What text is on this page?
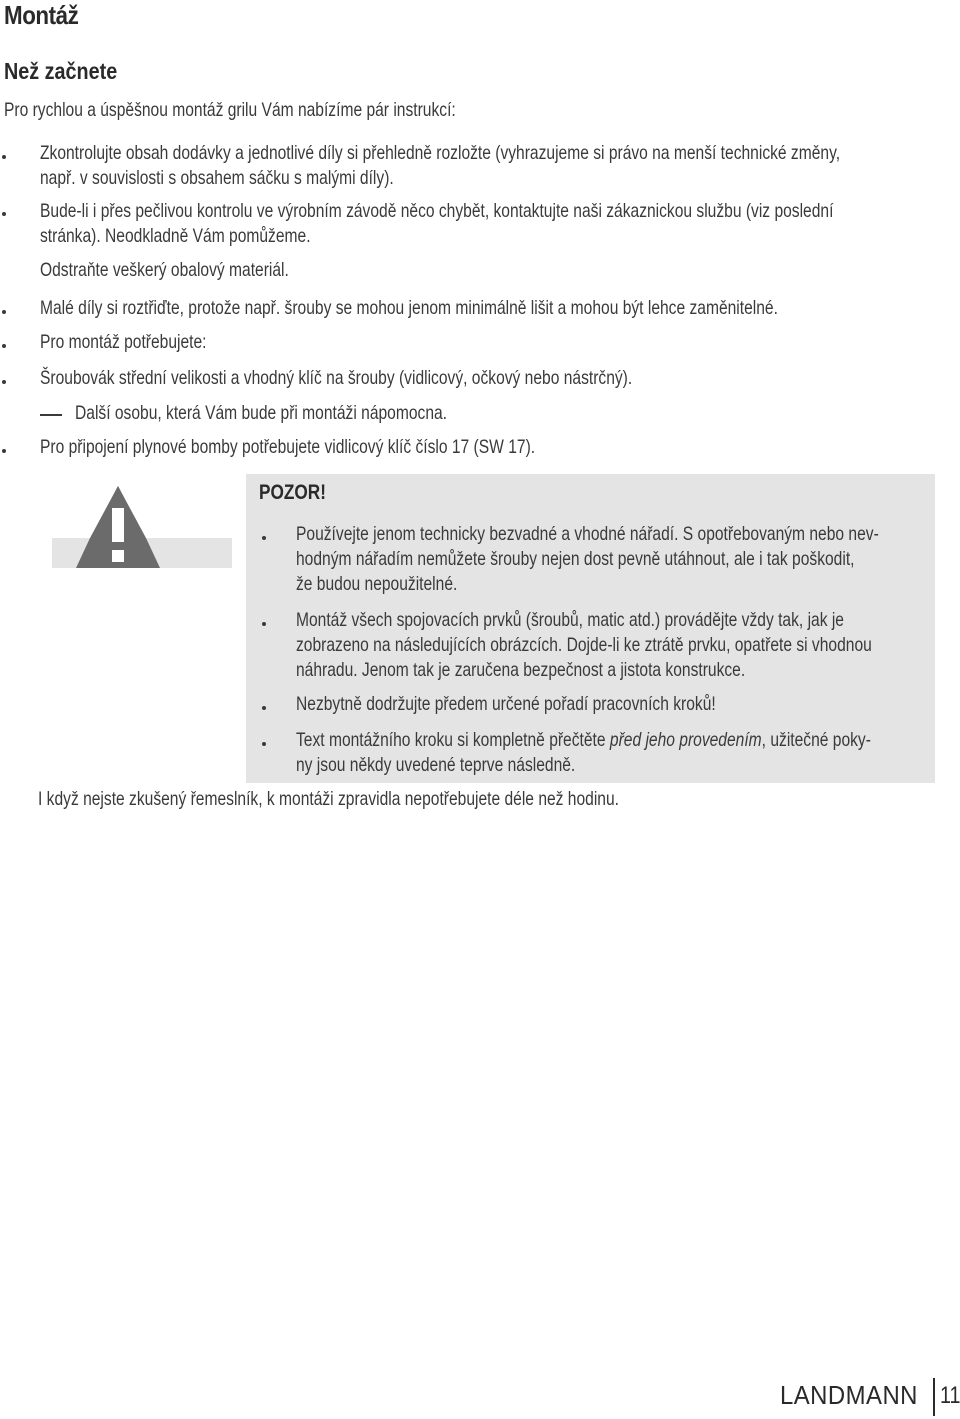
Montáž
Než začnete
Pro rychlou a úspěšnou montáž grilu Vám nabízíme pár instrukcí:
Zkontrolujte obsah dodávky a jednotlivé díly si přehledně rozložte (vyhrazujeme si právo na menší technické změny,
např. v souvislosti s obsahem sáčku s malými díly).
Bude-li i přes pečlivou kontrolu ve výrobním závodě něco chybět, kontaktujte naši zákaznickou službu (viz poslední
stránka). Neodkladně Vám pomůžeme.
Odstraňte veškerý obalový materiál.
Malé díly si roztřiďte, protože např. šrouby se mohou jenom minimálně lišit a mohou být lehce zaměnitelné.
Pro montáž potřebujete:
Šroubovák střední velikosti a vhodný klíč na šrouby (vidlicový, očkový nebo nástrčný).
Další osobu, která Vám bude při montáži nápomocna.
Pro připojení plynové bomby potřebujete vidlicový klíč číslo 17 (SW 17).
POZOR!
Používejte jenom technicky bezvadné a vhodné nářadí. S opotřebovaným nebo nev-
hodným nářadím nemůžete šrouby nejen dost pevně utáhnout, ale i tak poškodit,
že budou nepoužitelné.
Montáž všech spojovacích prvků (šroubů, matic atd.) provádějte vždy tak, jak je
zobrazeno na následujících obrázcích. Dojde-li ke ztrátě prvku, opatřete si vhodnou
náhradu. Jenom tak je zaručena bezpečnost a jistota konstrukce.
Nezbytně dodržujte předem určené pořadí pracovních kroků!
Text montážního kroku si kompletně přečtěte před jeho provedením, užitečné poky-
ny jsou někdy uvedené teprve následně.
I když nejste zkušený řemeslník, k montáži zpravidla nepotřebujete déle než hodinu.
LANDMANN 11
